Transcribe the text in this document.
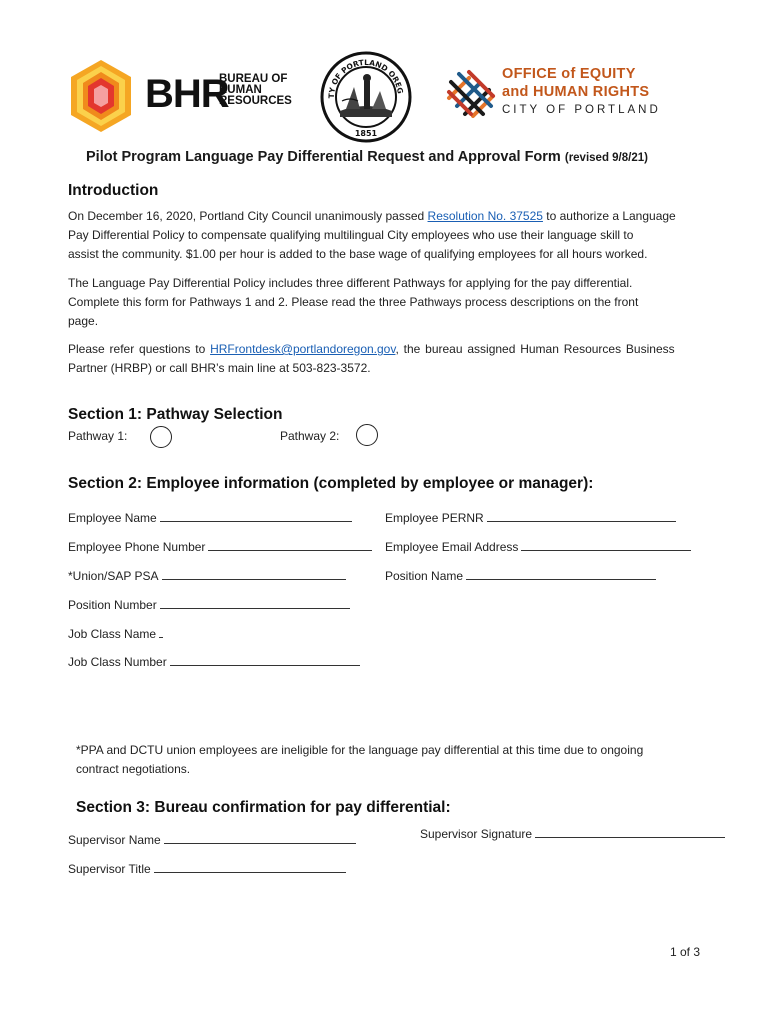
BHR
BUREAU OF
HUMAN
RESOURCES	TY OF PORTLAND OREG
1851
OFFICE of EQUITY
and HUMAN RIGHTS
CITY OF PORTLAND
Pilot Program Language Pay Differential Request and Approval Form (revised 9/8/21)
Introduction
On December 16, 2020, Portland City Council unanimously passed Resolution No. 37525 to authorize a Language
Pay Differential Policy to compensate qualifying multilingual City employees who use their language skill to
assist the community. $1.00 per hour is added to the base wage of qualifying employees for all hours worked.
The Language Pay Differential Policy includes three different Pathways for applying for the pay differential.
Complete this form for Pathways 1 and 2. Please read the three Pathways process descriptions on the front
page.
Please refer questions to HRFrontdesk@portlandoregon.gov, the bureau assigned Human Resources Business
Partner (HRBP) or call BHR’s main line at 503-823-3572.
Section 1: Pathway Selection
Pathway 1:	Pathway 2:
Section 2: Employee information (completed by employee or manager):
Employee Name	Employee PERNR
Employee Phone Number	Employee Email Address
*Union/SAP PSA	Position Name
Position Number
Job Class Name
Job Class Number
*PPA and DCTU union employees are ineligible for the language pay differential at this time due to ongoing
contract negotiations.
Section 3: Bureau confirmation for pay differential:
Supervisor Name	Supervisor Signature
Supervisor Title
1 of 3
